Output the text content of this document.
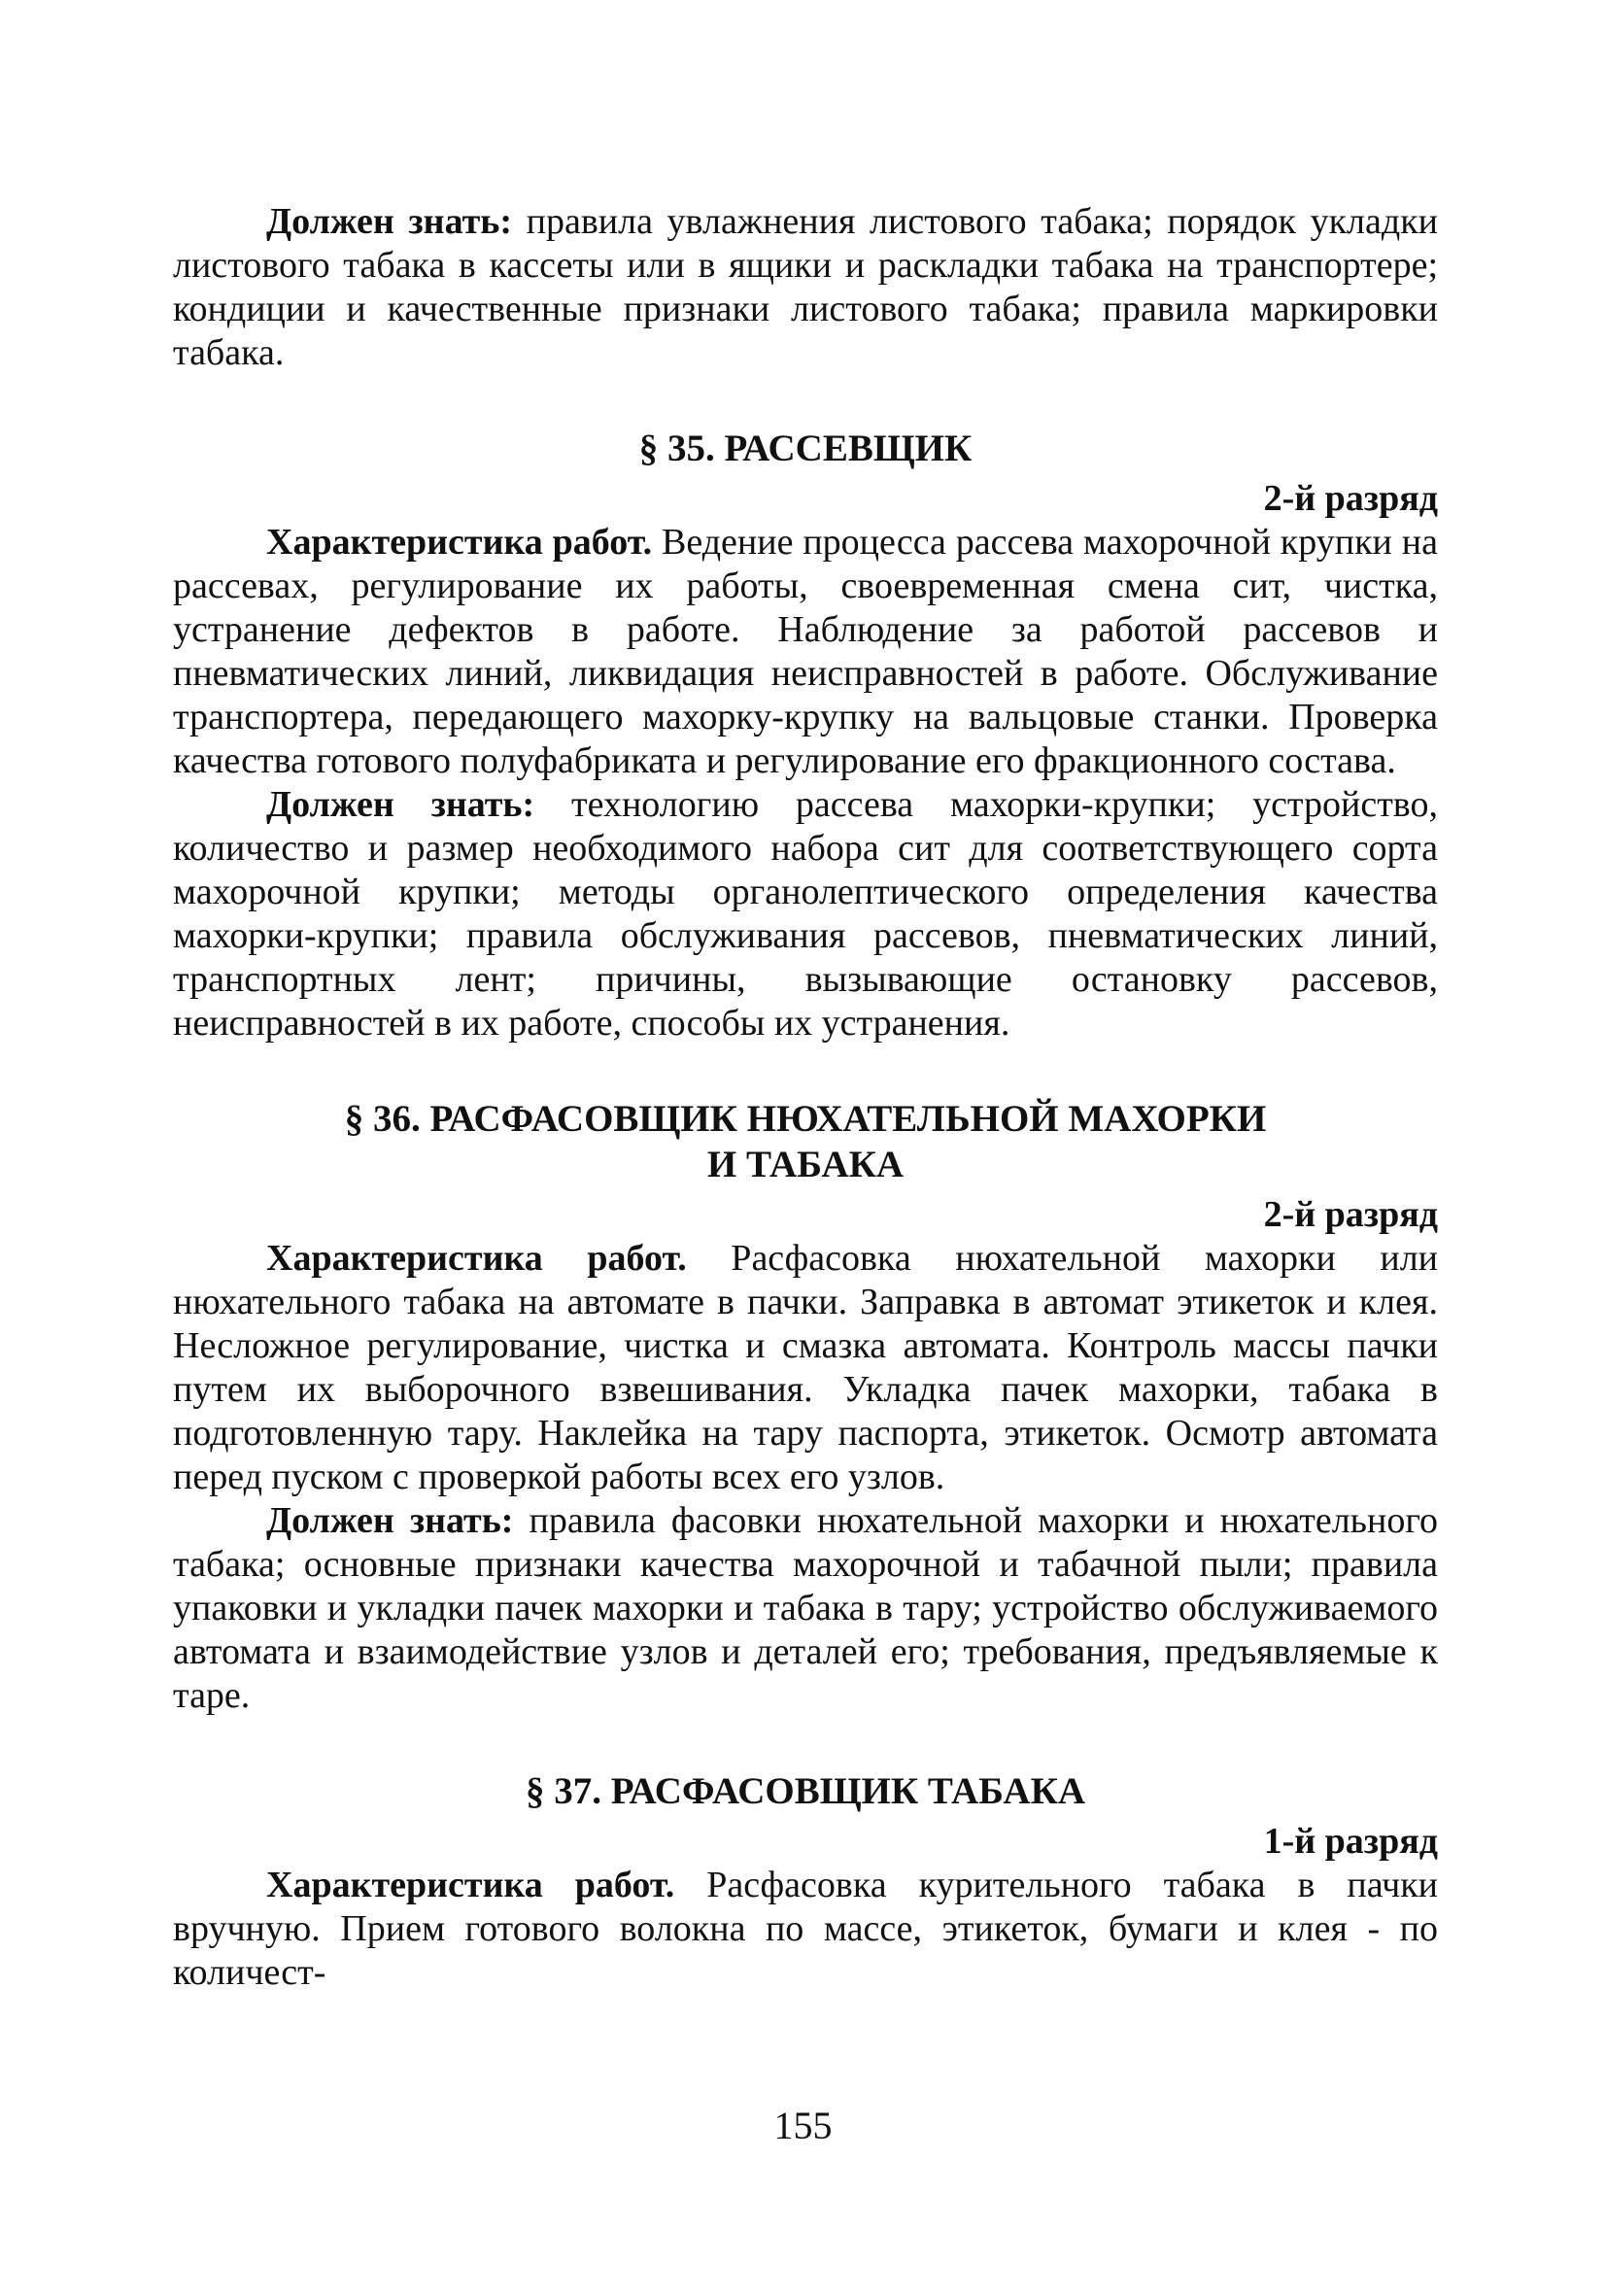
Должен знать: правила увлажнения листового табака; порядок укладки листового табака в кассеты или в ящики и раскладки табака на транспортере; кондиции и качественные признаки листового табака; правила маркировки табака.

§ 35. РАССЕВЩИК

2-й разряд

Характеристика работ. Ведение процесса рассева махорочной крупки на рассевах, регулирование их работы, своевременная смена сит, чистка, устранение дефектов в работе. Наблюдение за работой рассевов и пневматических линий, ликвидация неисправностей в работе. Обслуживание транспортера, передающего махорку-крупку на вальцовые станки. Проверка качества готового полуфабриката и регулирование его фракционного состава.

Должен знать: технологию рассева махорки-крупки; устройство, количество и размер необходимого набора сит для соответствующего сорта махорочной крупки; методы органолептического определения качества махорки-крупки; правила обслуживания рассевов, пневматических линий, транспортных лент; причины, вызывающие остановку рассевов, неисправностей в их работе, способы их устранения.

§ 36. РАСФАСОВЩИК НЮХАТЕЛЬНОЙ МАХОРКИ
И ТАБАКА

2-й разряд

Характеристика работ. Расфасовка нюхательной махорки или нюхательного табака на автомате в пачки. Заправка в автомат этикеток и клея. Несложное регулирование, чистка и смазка автомата. Контроль массы пачки путем их выборочного взвешивания. Укладка пачек махорки, табака в подготовленную тару. Наклейка на тару паспорта, этикеток. Осмотр автомата перед пуском с проверкой работы всех его узлов.

Должен знать: правила фасовки нюхательной махорки и нюхательного табака; основные признаки качества махорочной и табачной пыли; правила упаковки и укладки пачек махорки и табака в тару; устройство обслуживаемого автомата и взаимодействие узлов и деталей его; требования, предъявляемые к таре.

§ 37. РАСФАСОВЩИК ТАБАКА

1-й разряд

Характеристика работ. Расфасовка курительного табака в пачки вручную. Прием готового волокна по массе, этикеток, бумаги и клея - по количест-

155
